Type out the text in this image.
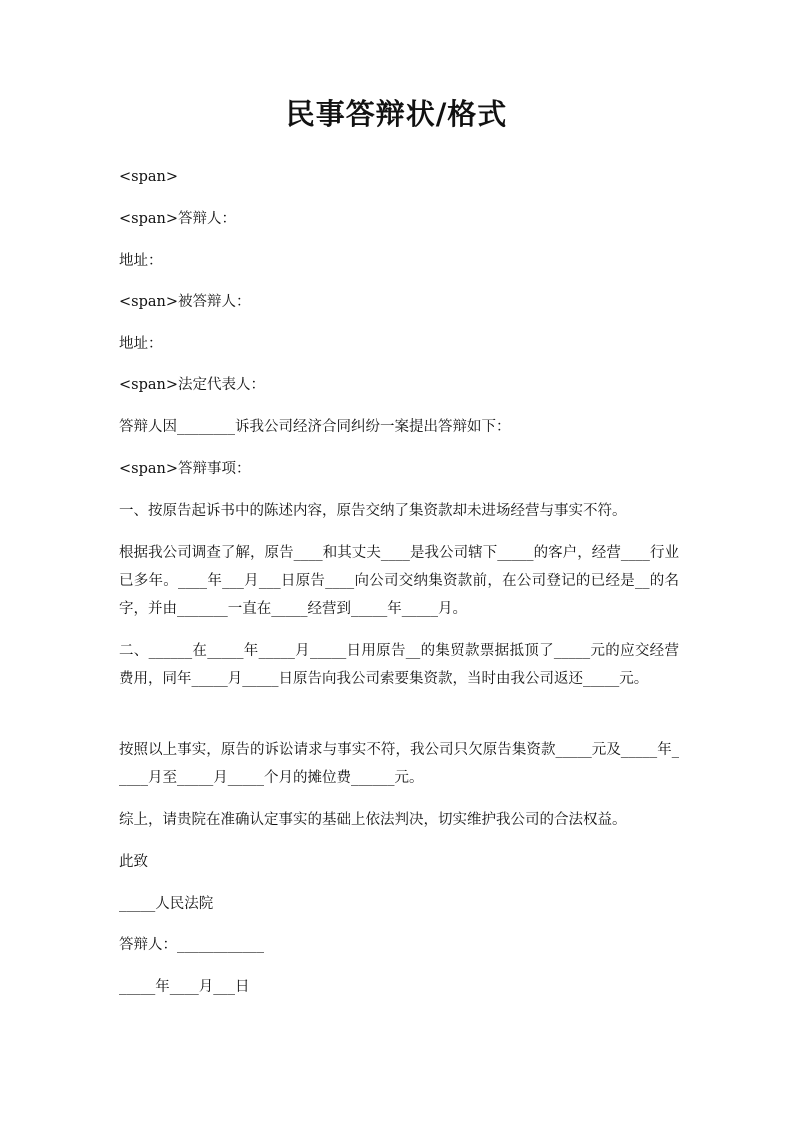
民事答辩状/格式
<span>
<span>答辩人：
地址：
<span>被答辩人：
地址：
<span>法定代表人：
答辩人因________诉我公司经济合同纠纷一案提出答辩如下：
<span>答辩事项：
一、按原告起诉书中的陈述内容，原告交纳了集资款却未进场经营与事实不符。
根据我公司调查了解，原告____和其丈夫____是我公司辖下_____的客户，经营____行业已多年。____年___月___日原告____向公司交纳集资款前，在公司登记的已经是__的名字，并由_______一直在_____经营到_____年_____月。
二、______在_____年_____月_____日用原告__的集贸款票据抵顶了_____元的应交经营费用，同年_____月_____日原告向我公司索要集资款，当时由我公司返还_____元。
按照以上事实，原告的诉讼请求与事实不符，我公司只欠原告集资款_____元及_____年_____月至_____月_____个月的摊位费______元。
综上，请贵院在准确认定事实的基础上依法判决，切实维护我公司的合法权益。
此致
_____人民法院
答辩人：____________
_____年____月___日
